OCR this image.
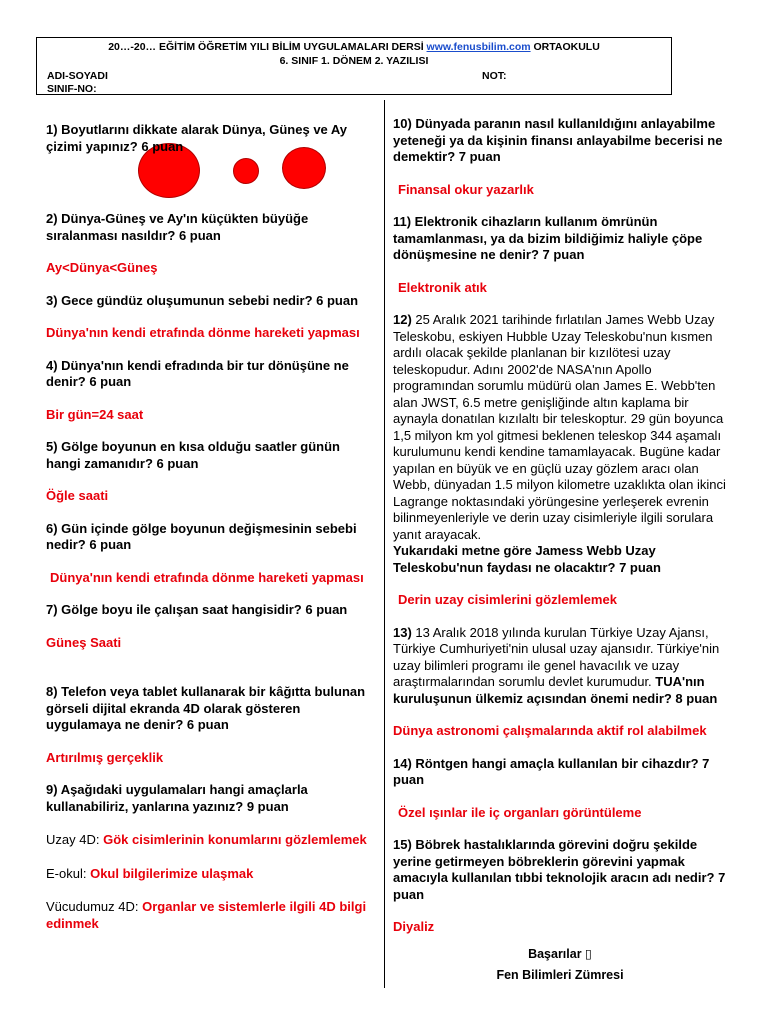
20…-20… EĞİTİM ÖĞRETİM YILI BİLİM UYGULAMALARI DERSİ www.fenusbilim.com ORTAOKULU
6. SINIF 1. DÖNEM 2. YAZILISI
ADI-SOYADI	NOT:
SINIF-NO:
1) Boyutlarını dikkate alarak Dünya, Güneş ve Ay çizimi yapınız? 6 puan
2) Dünya-Güneş ve Ay'ın küçükten büyüğe sıralanması nasıldır? 6 puan
Ay<Dünya<Güneş
3) Gece gündüz oluşumunun sebebi nedir? 6 puan
Dünya'nın kendi etrafında dönme hareketi yapması
4) Dünya'nın kendi efradında bir tur dönüşüne ne denir? 6 puan
Bir gün=24 saat
5) Gölge boyunun en kısa olduğu saatler günün hangi zamanıdır? 6 puan
Öğle saati
6) Gün içinde gölge boyunun değişmesinin sebebi nedir? 6 puan
Dünya'nın kendi etrafında dönme hareketi yapması
7) Gölge boyu ile çalışan saat hangisidir? 6 puan
Güneş Saati
8) Telefon veya tablet kullanarak bir kâğıtta bulunan görseli dijital ekranda 4D olarak gösteren uygulamaya ne denir? 6 puan
Artırılmış gerçeklik
9) Aşağıdaki uygulamaları hangi amaçlarla kullanabiliriz, yanlarına yazınız? 9 puan
Uzay 4D: Gök cisimlerinin konumlarını gözlemlemek
E-okul: Okul bilgilerimize ulaşmak
Vücudumuz 4D: Organlar ve sistemlerle ilgili 4D bilgi edinmek
10) Dünyada paranın nasıl kullanıldığını anlayabilme yeteneği ya da kişinin finansı anlayabilme becerisi ne demektir? 7 puan
Finansal okur yazarlık
11) Elektronik cihazların kullanım ömrünün tamamlanması, ya da bizim bildiğimiz haliyle çöpe dönüşmesine ne denir? 7 puan
Elektronik atık
12) 25 Aralık 2021 tarihinde fırlatılan James Webb Uzay Teleskobu, eskiyen Hubble Uzay Teleskobu'nun kısmen ardılı olacak şekilde planlanan bir kızılötesi uzay teleskopudur. Adını 2002'de NASA'nın Apollo programından sorumlu müdürü olan James E. Webb'ten alan JWST, 6.5 metre genişliğinde altın kaplama bir aynayla donatılan kızılaltı bir teleskoptur. 29 gün boyunca 1,5 milyon km yol gitmesi beklenen teleskop 344 aşamalı kurulumunu kendi kendine tamamlayacak. Bugüne kadar yapılan en büyük ve en güçlü uzay gözlem aracı olan Webb, dünyadan 1.5 milyon kilometre uzaklıkta olan ikinci Lagrange noktasındaki yörüngesine yerleşerek evrenin bilinmeyenleriyle ve derin uzay cisimleriyle ilgili sorulara yanıt arayacak.
Yukarıdaki metne göre Jamess Webb Uzay Teleskobu'nun faydası ne olacaktır? 7 puan
Derin uzay cisimlerini gözlemlemek
13) 13 Aralık 2018 yılında kurulan Türkiye Uzay Ajansı, Türkiye Cumhuriyeti'nin ulusal uzay ajansıdır. Türkiye'nin uzay bilimleri programı ile genel havacılık ve uzay araştırmalarından sorumlu devlet kurumudur. TUA'nın
kuruluşunun ülkemiz açısından önemi nedir? 8 puan
Dünya astronomi çalışmalarında aktif rol alabilmek
14) Röntgen hangi amaçla kullanılan bir cihazdır? 7 puan
Özel ışınlar ile iç organları görüntüleme
15) Böbrek hastalıklarında görevini doğru şekilde yerine getirmeyen böbreklerin görevini yapmak amacıyla kullanılan tıbbi teknolojik aracın adı nedir? 7 puan
Diyaliz
Başarılar ▯
Fen Bilimleri Zümresi
